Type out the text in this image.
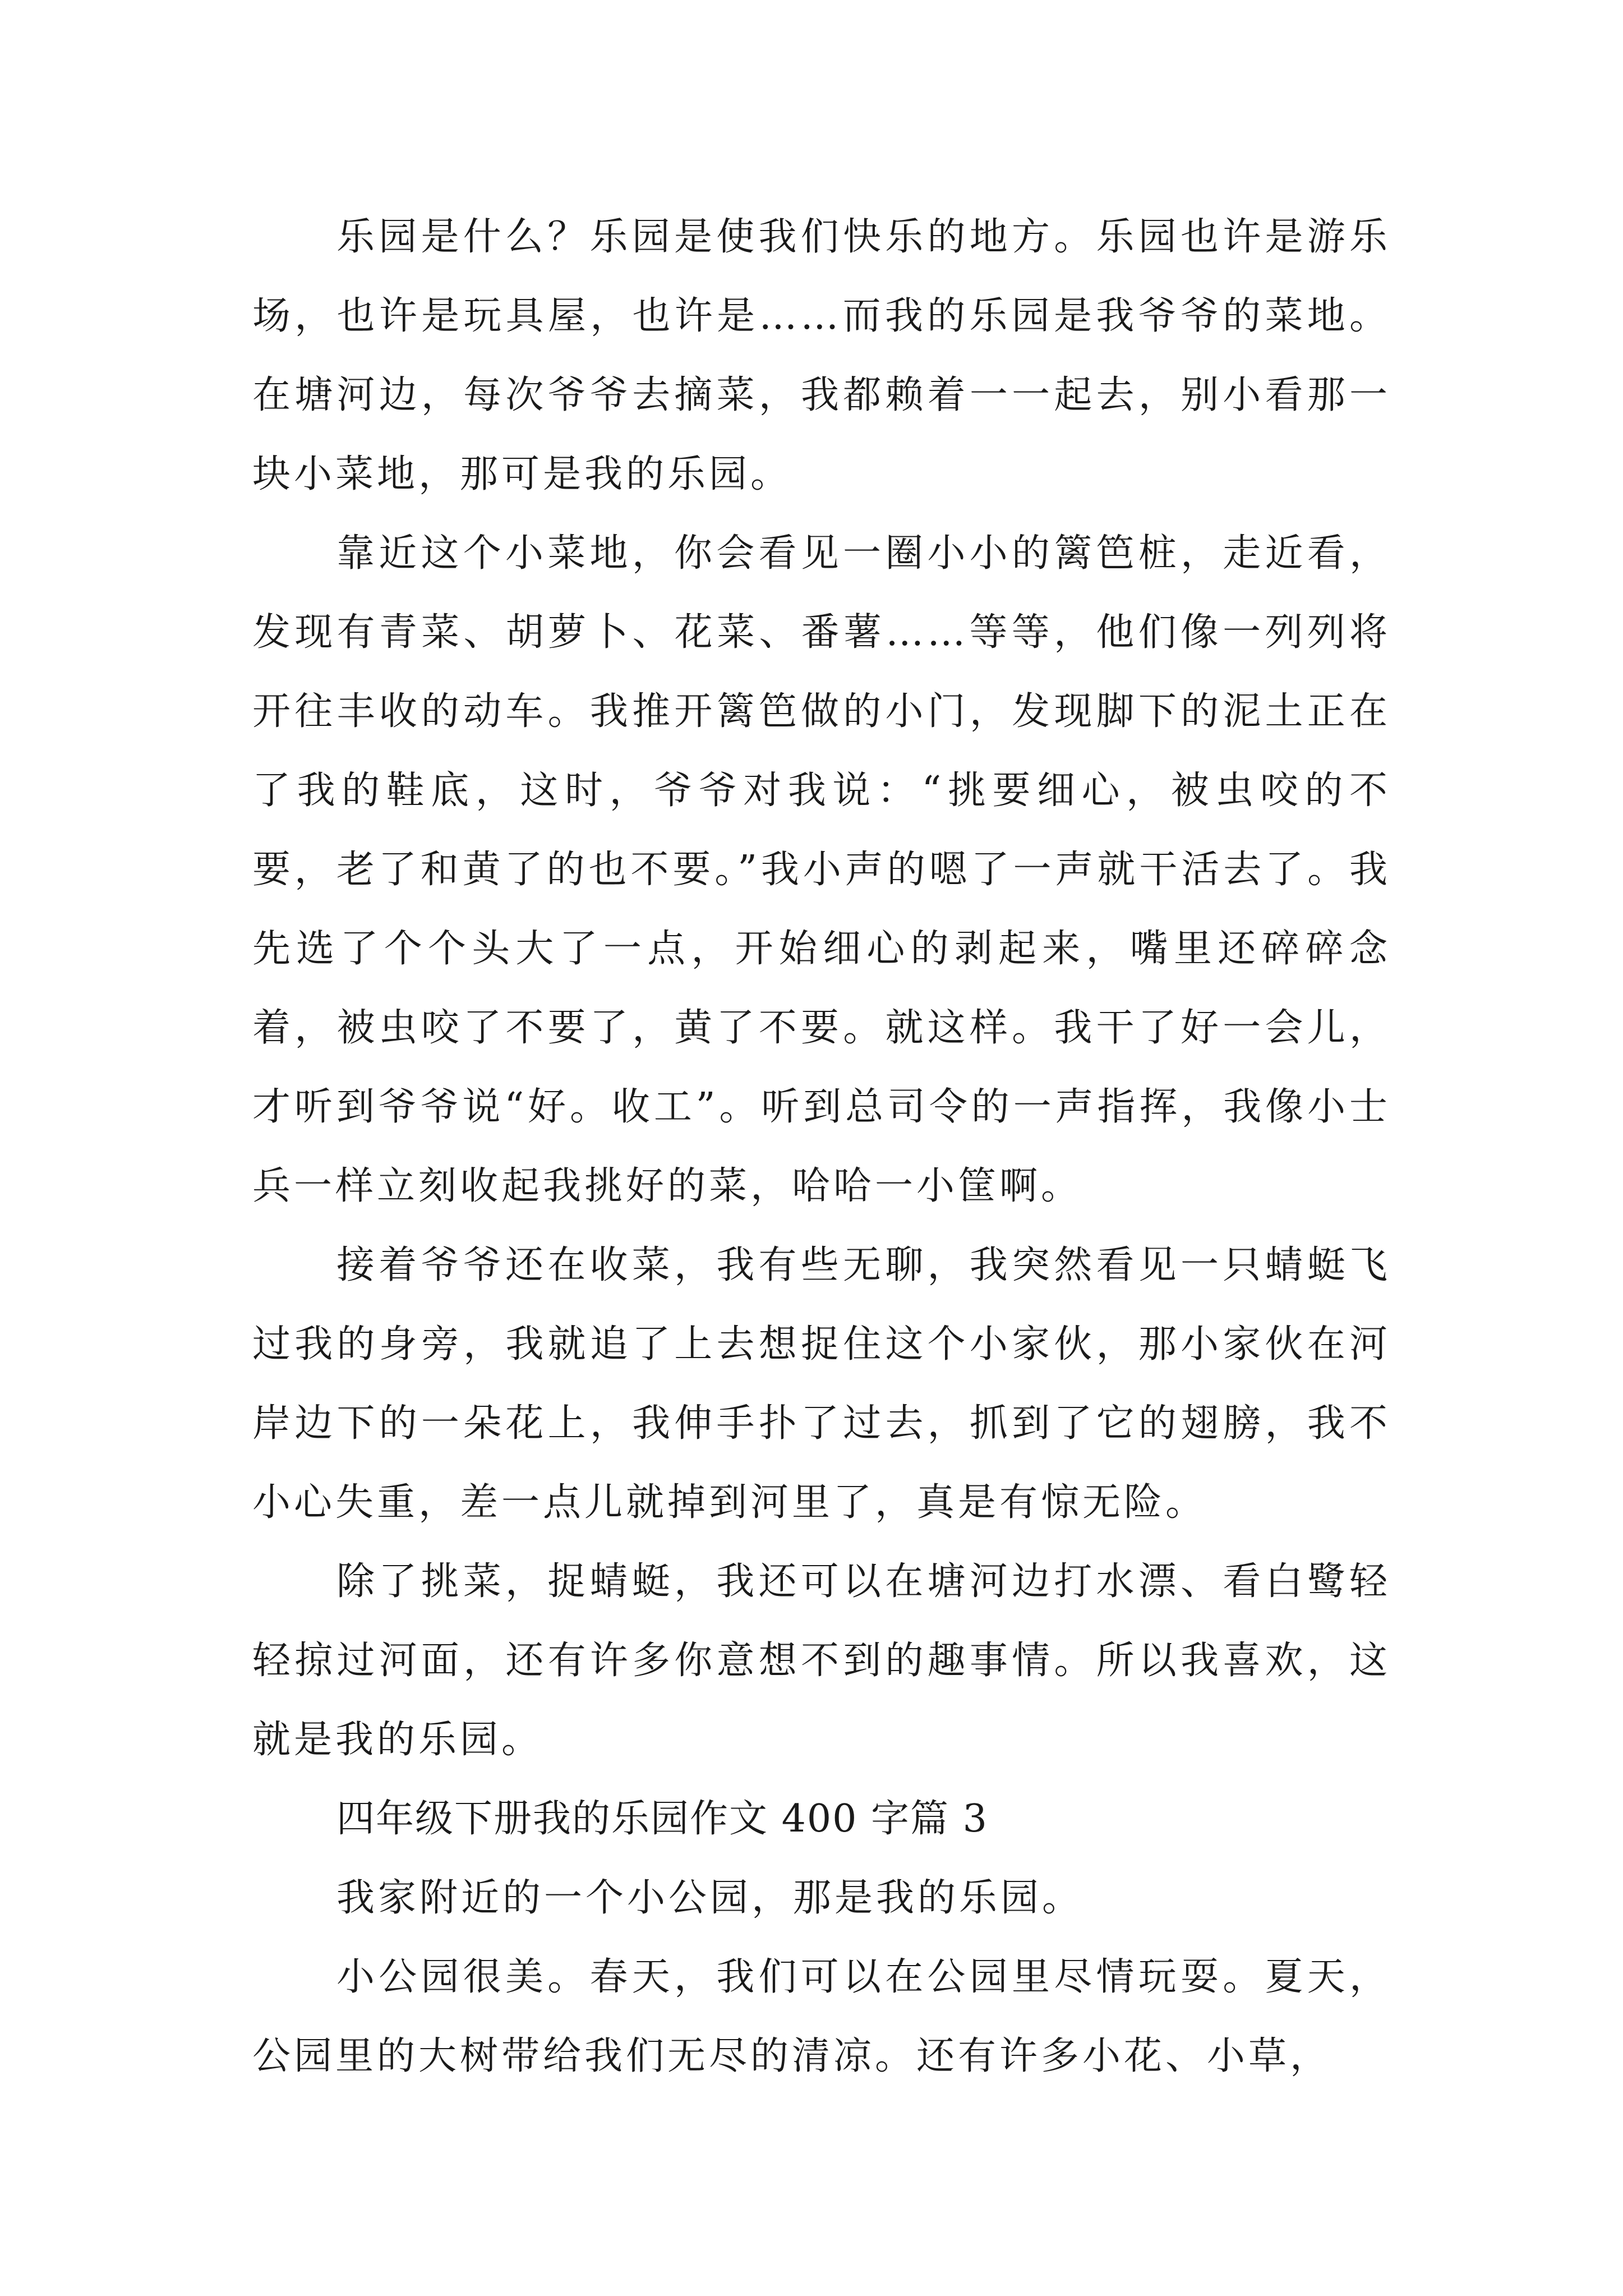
乐园是什么？乐园是使我们快乐的地方。乐园也许是游乐场，也许是玩具屋，也许是……而我的乐园是我爷爷的菜地。在塘河边，每次爷爷去摘菜，我都赖着一一起去，别小看那一块小菜地，那可是我的乐园。

靠近这个小菜地，你会看见一圈小小的篱笆桩，走近看，发现有青菜、胡萝卜、花菜、番薯……等等，他们像一列列将开往丰收的动车。我推开篱笆做的小门，发现脚下的泥土正在了我的鞋底，这时，爷爷对我说：“挑要细心，被虫咬的不要，老了和黄了的也不要。”我小声的嗯了一声就干活去了。我先选了个个头大了一点，开始细心的剥起来，嘴里还碎碎念着，被虫咬了不要了，黄了不要。就这样。我干了好一会儿，才听到爷爷说“好。收工”。听到总司令的一声指挥，我像小士兵一样立刻收起我挑好的菜，哈哈一小筐啊。

接着爷爷还在收菜，我有些无聊，我突然看见一只蜻蜓飞过我的身旁，我就追了上去想捉住这个小家伙，那小家伙在河岸边下的一朵花上，我伸手扑了过去，抓到了它的翅膀，我不小心失重，差一点儿就掉到河里了，真是有惊无险。

除了挑菜，捉蜻蜓，我还可以在塘河边打水漂、看白鹭轻轻掠过河面，还有许多你意想不到的趣事情。所以我喜欢，这就是我的乐园。

四年级下册我的乐园作文 400 字篇 3

我家附近的一个小公园，那是我的乐园。

小公园很美。春天，我们可以在公园里尽情玩耍。夏天，公园里的大树带给我们无尽的清凉。还有许多小花、小草，
